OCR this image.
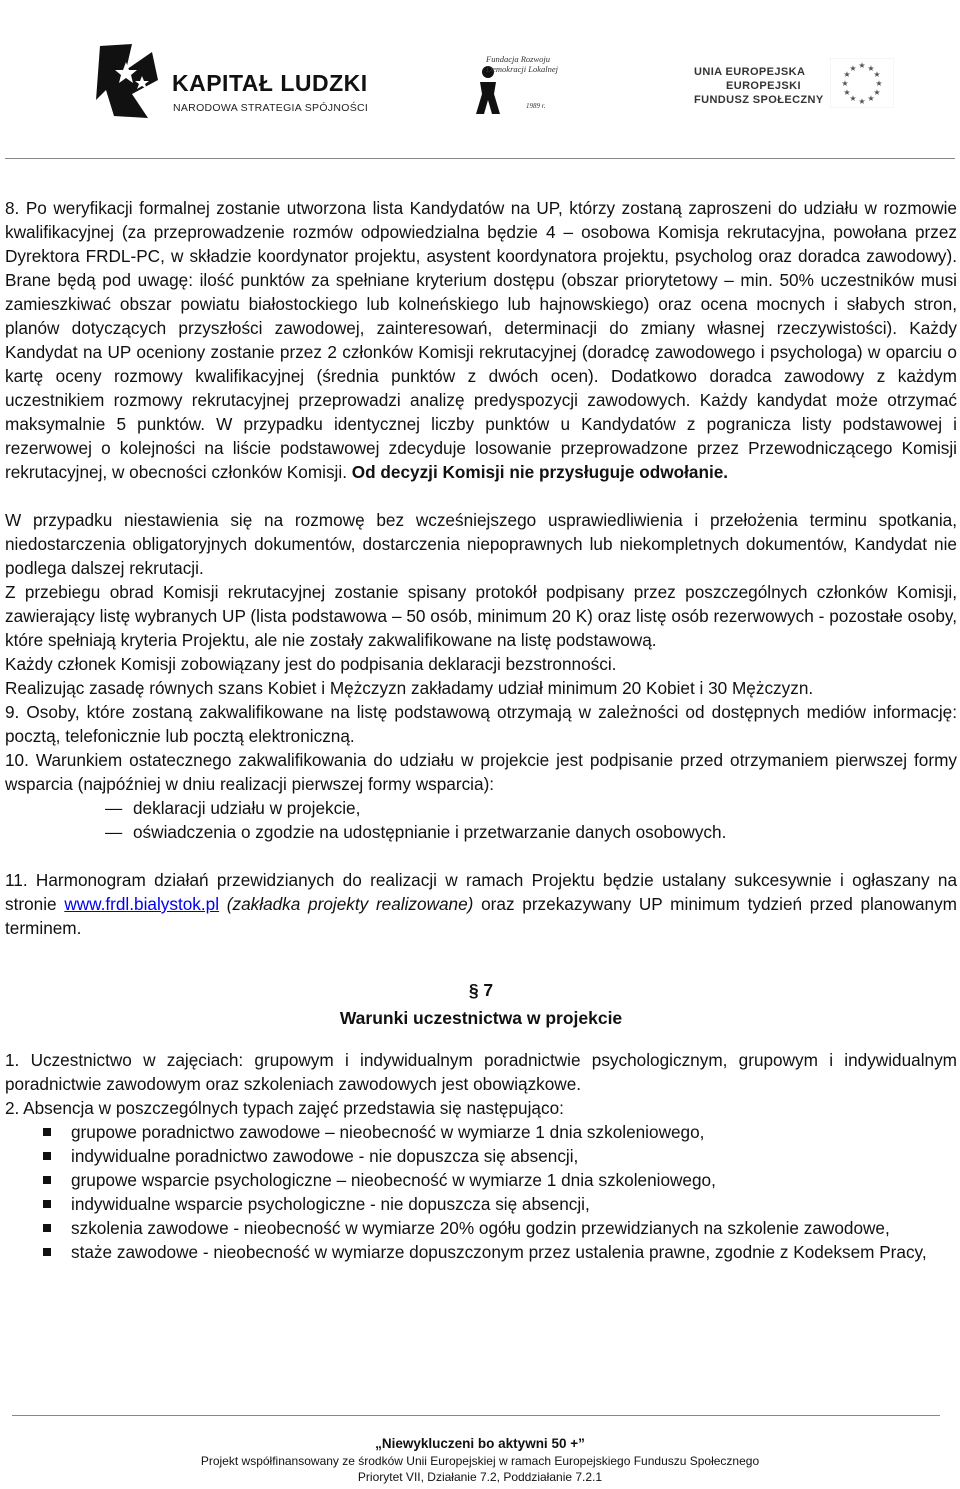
KAPITAŁ LUDZKI
NARODOWA STRATEGIA SPÓJNOŚCI
Fundacja Rozwoju Demokracji Lokalnej
1989 r.
UNIA EUROPEJSKA
EUROPEJSKI
FUNDUSZ SPOŁECZNY
★ ★
★
★
★
★
★
★
★
★
★
★

8. Po weryfikacji formalnej zostanie utworzona lista Kandydatów na UP, którzy zostaną zaproszeni do udziału w rozmowie kwalifikacyjnej (za przeprowadzenie rozmów odpowiedzialna będzie 4 – osobowa Komisja rekrutacyjna, powołana przez Dyrektora FRDL-PC, w składzie koordynator projektu, asystent koordynatora projektu, psycholog oraz doradca zawodowy). Brane będą pod uwagę: ilość punktów za spełniane kryterium dostępu (obszar priorytetowy – min. 50% uczestników musi zamieszkiwać obszar powiatu białostockiego lub kolneńskiego lub hajnowskiego) oraz ocena mocnych i słabych stron, planów dotyczących przyszłości zawodowej, zainteresowań, determinacji do zmiany własnej rzeczywistości). Każdy Kandydat na UP oceniony zostanie przez 2 członków Komisji rekrutacyjnej (doradcę zawodowego i psychologa) w oparciu o kartę oceny rozmowy kwalifikacyjnej (średnia punktów z dwóch ocen). Dodatkowo doradca zawodowy z każdym uczestnikiem rozmowy rekrutacyjnej przeprowadzi analizę predyspozycji zawodowych. Każdy kandydat może otrzymać maksymalnie 5 punktów. W przypadku identycznej liczby punktów u Kandydatów z pogranicza listy podstawowej i rezerwowej o kolejności na liście podstawowej zdecyduje losowanie przeprowadzone przez Przewodniczącego Komisji rekrutacyjnej, w obecności członków Komisji. Od decyzji Komisji nie przysługuje odwołanie.

W przypadku niestawienia się na rozmowę bez wcześniejszego usprawiedliwienia i przełożenia terminu spotkania, niedostarczenia obligatoryjnych dokumentów, dostarczenia niepoprawnych lub niekompletnych dokumentów, Kandydat nie podlega dalszej rekrutacji.

Z przebiegu obrad Komisji rekrutacyjnej zostanie spisany protokół podpisany przez poszczególnych członków Komisji, zawierający listę wybranych UP (lista podstawowa – 50 osób, minimum 20 K) oraz listę osób rezerwowych - pozostałe osoby, które spełniają kryteria Projektu, ale nie zostały zakwalifikowane na listę podstawową.

Każdy członek Komisji zobowiązany jest do podpisania deklaracji bezstronności.

Realizując zasadę równych szans Kobiet i Mężczyzn zakładamy udział minimum 20 Kobiet i 30 Mężczyzn.

9. Osoby, które zostaną zakwalifikowane na listę podstawową otrzymają w zależności od dostępnych mediów informację: pocztą, telefonicznie lub pocztą elektroniczną.

10. Warunkiem ostatecznego zakwalifikowania do udziału w projekcie jest podpisanie przed otrzymaniem pierwszej formy wsparcia (najpóźniej w dniu realizacji pierwszej formy wsparcia):

— deklaracji udziału w projekcie,
— oświadczenia o zgodzie na udostępnianie i przetwarzanie danych osobowych.

11. Harmonogram działań przewidzianych do realizacji w ramach Projektu będzie ustalany sukcesywnie i ogłaszany na stronie www.frdl.bialystok.pl (zakładka projekty realizowane) oraz przekazywany UP minimum tydzień przed planowanym terminem.

§ 7
Warunki uczestnictwa w projekcie

1. Uczestnictwo w zajęciach: grupowym i indywidualnym poradnictwie psychologicznym, grupowym i indywidualnym poradnictwie zawodowym oraz szkoleniach zawodowych jest obowiązkowe.

2. Absencja w poszczególnych typach zajęć przedstawia się następująco:

grupowe poradnictwo zawodowe – nieobecność w wymiarze 1 dnia szkoleniowego,
indywidualne poradnictwo zawodowe - nie dopuszcza się absencji,
grupowe wsparcie psychologiczne – nieobecność w wymiarze 1 dnia szkoleniowego,
indywidualne wsparcie psychologiczne - nie dopuszcza się absencji,
szkolenia zawodowe - nieobecność w wymiarze 20% ogółu godzin przewidzianych na szkolenie zawodowe,
staże zawodowe - nieobecność w wymiarze dopuszczonym przez ustalenia prawne, zgodnie z Kodeksem Pracy,
„Niewykluczeni bo aktywni 50 +”
Projekt współfinansowany ze środków Unii Europejskiej w ramach Europejskiego Funduszu Społecznego
Priorytet VII, Działanie 7.2, Poddziałanie 7.2.1
